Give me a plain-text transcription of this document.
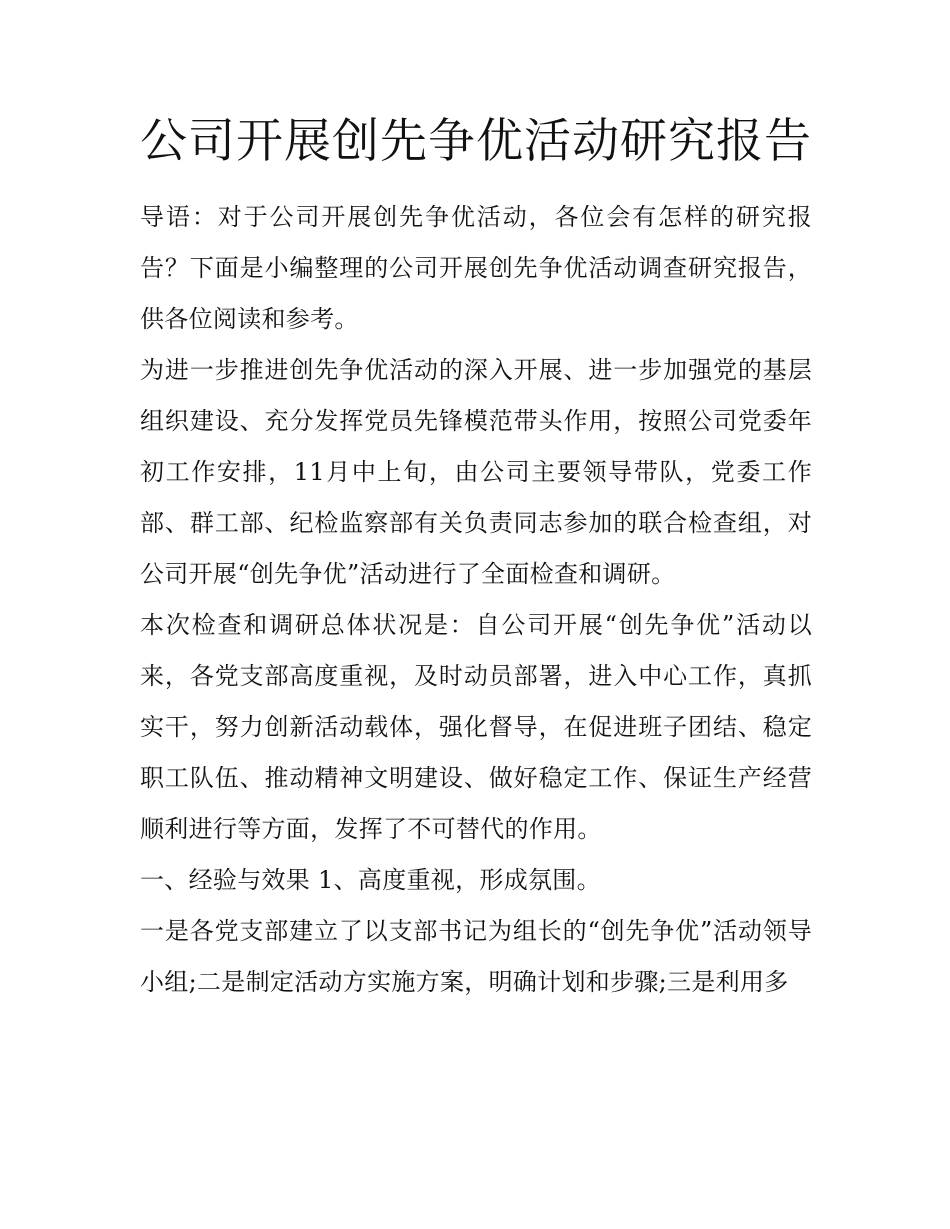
公司开展创先争优活动研究报告

导语：对于公司开展创先争优活动，各位会有怎样的研究报告？下面是小编整理的公司开展创先争优活动调查研究报告，供各位阅读和参考。

为进一步推进创先争优活动的深入开展、进一步加强党的基层组织建设、充分发挥党员先锋模范带头作用，按照公司党委年初工作安排，11月中上旬，由公司主要领导带队，党委工作部、群工部、纪检监察部有关负责同志参加的联合检查组，对公司开展“创先争优”活动进行了全面检查和调研。

本次检查和调研总体状况是：自公司开展“创先争优”活动以来，各党支部高度重视，及时动员部署，进入中心工作，真抓实干，努力创新活动载体，强化督导，在促进班子团结、稳定职工队伍、推动精神文明建设、做好稳定工作、保证生产经营顺利进行等方面，发挥了不可替代的作用。

一、经验与效果 1、高度重视，形成氛围。

一是各党支部建立了以支部书记为组长的“创先争优”活动领导小组;二是制定活动方实施方案，明确计划和步骤;三是利用多
